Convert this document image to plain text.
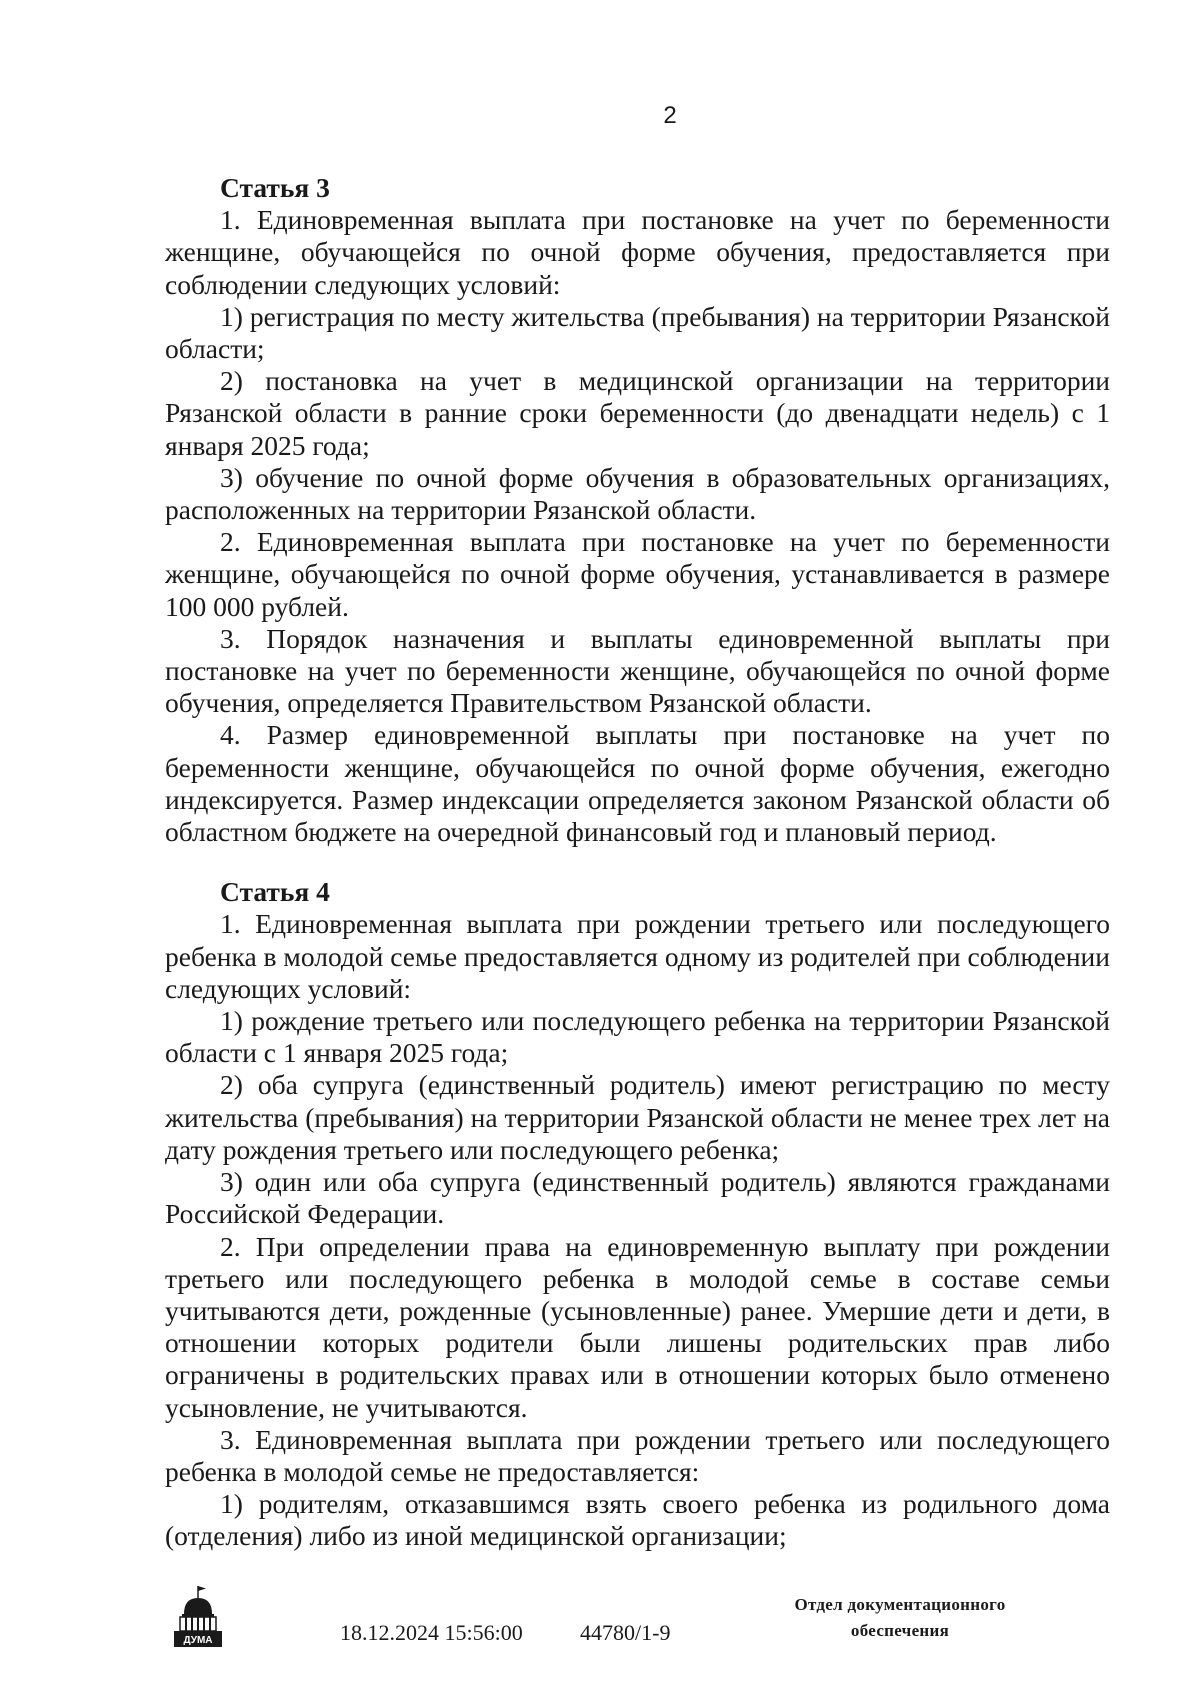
2

Статья 3

1. Единовременная выплата при постановке на учет по беременности женщине, обучающейся по очной форме обучения, предоставляется при соблюдении следующих условий:

1) регистрация по месту жительства (пребывания) на территории Рязанской области;

2) постановка на учет в медицинской организации на территории Рязанской области в ранние сроки беременности (до двенадцати недель) с 1 января 2025 года;

3) обучение по очной форме обучения в образовательных организациях, расположенных на территории Рязанской области.

2. Единовременная выплата при постановке на учет по беременности женщине, обучающейся по очной форме обучения, устанавливается в размере 100 000 рублей.

3. Порядок назначения и выплаты единовременной выплаты при постановке на учет по беременности женщине, обучающейся по очной форме обучения, определяется Правительством Рязанской области.

4. Размер единовременной выплаты при постановке на учет по беременности женщине, обучающейся по очной форме обучения, ежегодно индексируется. Размер индексации определяется законом Рязанской области об областном бюджете на очередной финансовый год и плановый период.

Статья 4

1. Единовременная выплата при рождении третьего или последующего ребенка в молодой семье предоставляется одному из родителей при соблюдении следующих условий:

1) рождение третьего или последующего ребенка на территории Рязанской области с 1 января 2025 года;

2) оба супруга (единственный родитель) имеют регистрацию по месту жительства (пребывания) на территории Рязанской области не менее трех лет на дату рождения третьего или последующего ребенка;

3) один или оба супруга (единственный родитель) являются гражданами Российской Федерации.

2. При определении права на единовременную выплату при рождении третьего или последующего ребенка в молодой семье в составе семьи учитываются дети, рожденные (усыновленные) ранее. Умершие дети и дети, в отношении которых родители были лишены родительских прав либо ограничены в родительских правах или в отношении которых было отменено усыновление, не учитываются.

3. Единовременная выплата при рождении третьего или последующего ребенка в молодой семье не предоставляется:

1) родителям, отказавшимся взять своего ребенка из родильного дома (отделения) либо из иной медицинской организации;

ДУМА	18.12.2024 15:56:00	44780/1-9
Отдел документационного
обеспечения
